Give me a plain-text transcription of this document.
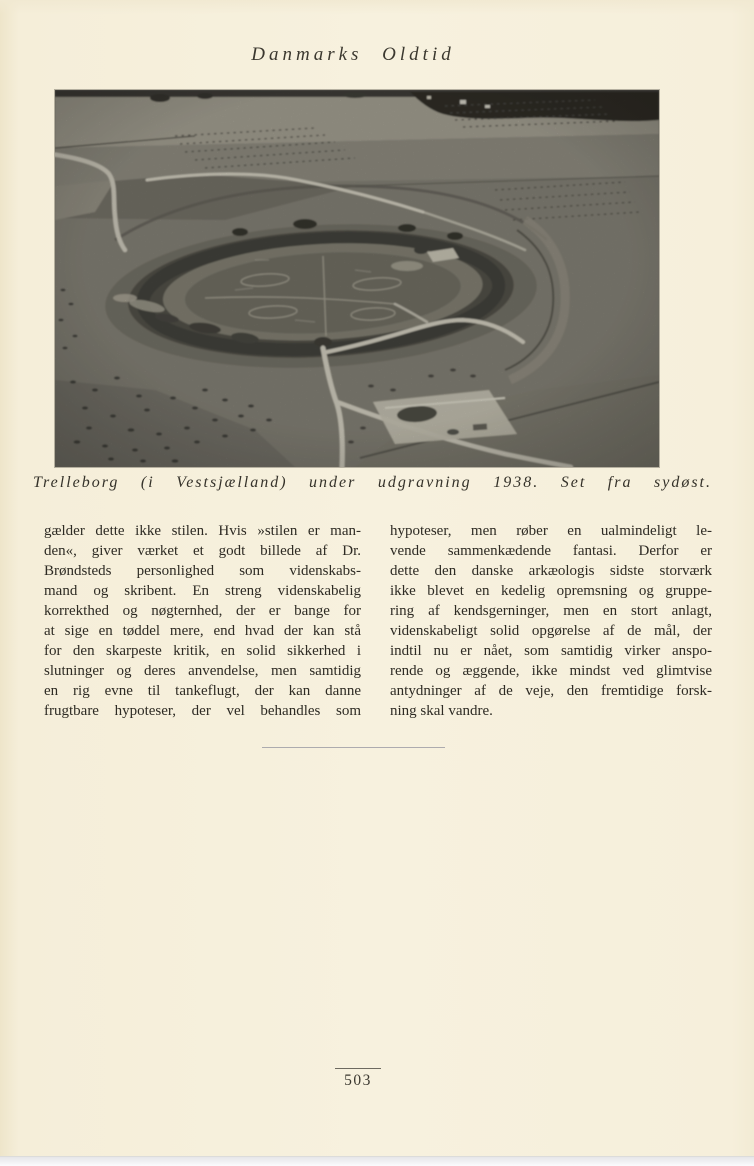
Danmarks Oldtid
Trelleborg (i Vestsjælland) under udgravning 1938. Set fra sydøst.
gælder dette ikke stilen. Hvis »stilen er man-
den«, giver værket et godt billede af Dr.
Brøndsteds personlighed som videnskabs-
mand og skribent. En streng videnskabelig
korrekthed og nøgternhed, der er bange for
at sige en tøddel mere, end hvad der kan stå
for den skarpeste kritik, en solid sikkerhed i
slutninger og deres anvendelse, men samtidig
en rig evne til tankeflugt, der kan danne
frugtbare hypoteser, der vel behandles som
hypoteser, men røber en ualmindeligt le-
vende sammenkædende fantasi. Derfor er
dette den danske arkæologis sidste storværk
ikke blevet en kedelig opremsning og gruppe-
ring af kendsgerninger, men en stort anlagt,
videnskabeligt solid opgørelse af de mål, der
indtil nu er nået, som samtidig virker anspo-
rende og æggende, ikke mindst ved glimtvise
antydninger af de veje, den fremtidige forsk-
ning skal vandre.
503
